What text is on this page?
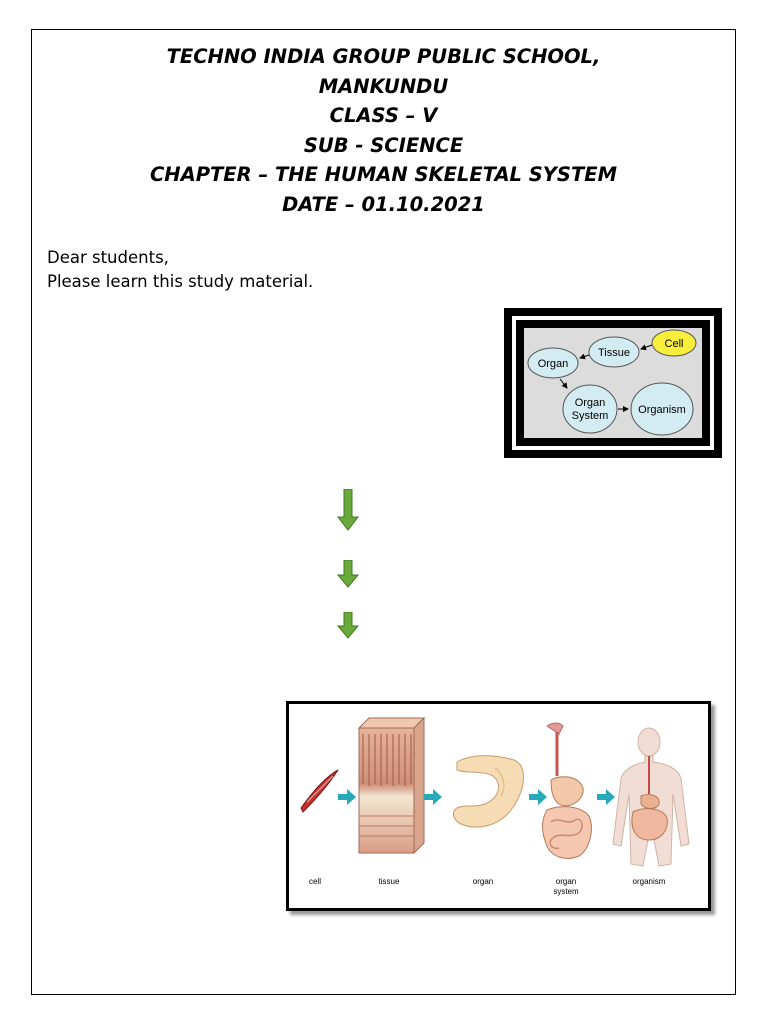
TECHNO INDIA GROUP PUBLIC SCHOOL,
MANKUNDU
CLASS – V
SUB - SCIENCE
CHAPTER – THE HUMAN SKELETAL SYSTEM
DATE – 01.10.2021
Dear students,
Please learn this study material.
Cell
Tissue
Organ
Organ
System	Organism
cell	tissue	organ	organ
system
organism
